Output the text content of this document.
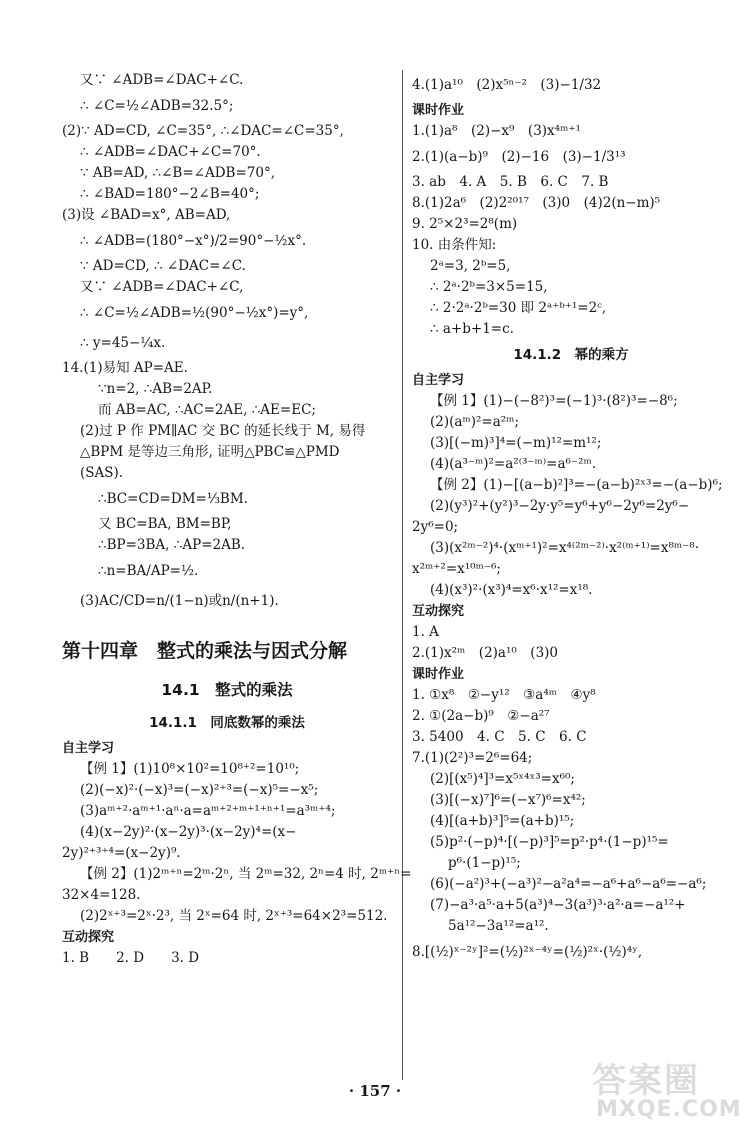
又∵ ∠ADB=∠DAC+∠C.
∴ ∠C=½∠ADB=32.5°;
(2)∵ AD=CD, ∠C=35°, ∴∠DAC=∠C=35°,
∴ ∠ADB=∠DAC+∠C=70°.
∵ AB=AD, ∴∠B=∠ADB=70°,
∴ ∠BAD=180°−2∠B=40°;
(3)设 ∠BAD=x°, AB=AD,
∴ ∠ADB=(180°−x°)/2=90°−½x°.
∵ AD=CD, ∴ ∠DAC=∠C.
又∵ ∠ADB=∠DAC+∠C,
∴ ∠C=½∠ADB=½(90°−½x°)=y°,
∴ y=45−¼x.
14.(1)易知 AP=AE.
∵n=2, ∴AB=2AP.
而 AB=AC, ∴AC=2AE, ∴AE=EC;
(2)过 P 作 PM∥AC 交 BC 的延长线于 M, 易得
△BPM 是等边三角形, 证明△PBC≌△PMD
(SAS).
∴BC=CD=DM=⅓BM.
又 BC=BA, BM=BP,
∴BP=3BA, ∴AP=2AB.
∴n=BA/AP=½.
(3)AC/CD=n/(1−n)或n/(n+1).
第十四章　整式的乘法与因式分解
14.1　整式的乘法
14.1.1　同底数幂的乘法
自主学习
【例 1】(1)10⁸×10²=10⁸⁺²=10¹⁰;
(2)(−x)²·(−x)³=(−x)²⁺³=(−x)⁵=−x⁵;
(3)aᵐ⁺²·aᵐ⁺¹·aⁿ·a=aᵐ⁺²⁺ᵐ⁺¹⁺ⁿ⁺¹=a³ᵐ⁺⁴;
(4)(x−2y)²·(x−2y)³·(x−2y)⁴=(x−
2y)²⁺³⁺⁴=(x−2y)⁹.
【例 2】(1)2ᵐ⁺ⁿ=2ᵐ·2ⁿ, 当 2ᵐ=32, 2ⁿ=4 时, 2ᵐ⁺ⁿ=
32×4=128.
(2)2ˣ⁺³=2ˣ·2³, 当 2ˣ=64 时, 2ˣ⁺³=64×2³=512.
互动探究
1. B　　2. D　　3. D
4.(1)a¹⁰　(2)x⁵ⁿ⁻²　(3)−1/32
课时作业
1.(1)a⁸　(2)−x⁹　(3)x⁴ᵐ⁺¹
2.(1)(a−b)⁹　(2)−16　(3)−1/3¹³
3. ab　4. A　5. B　6. C　7. B
8.(1)2a⁶　(2)2²⁰¹⁷　(3)0　(4)2(n−m)⁵
9. 2⁵×2³=2⁸(m)
10. 由条件知:
2ᵃ=3, 2ᵇ=5,
∴ 2ᵃ·2ᵇ=3×5=15,
∴ 2·2ᵃ·2ᵇ=30 即 2ᵃ⁺ᵇ⁺¹=2ᶜ,
∴ a+b+1=c.
14.1.2　幂的乘方
自主学习
【例 1】(1)−(−8²)³=(−1)³·(8²)³=−8⁶;
(2)(aᵐ)²=a²ᵐ;
(3)[(−m)³]⁴=(−m)¹²=m¹²;
(4)(a³⁻ᵐ)²=a²⁽³⁻ᵐ⁾=a⁶⁻²ᵐ.
【例 2】(1)−[(a−b)²]³=−(a−b)²ˣ³=−(a−b)⁶;
(2)(y³)²+(y²)³−2y·y⁵=y⁶+y⁶−2y⁶=2y⁶−
2y⁶=0;
(3)(x²ᵐ⁻²)⁴·(xᵐ⁺¹)²=x⁴⁽²ᵐ⁻²⁾·x²⁽ᵐ⁺¹⁾=x⁸ᵐ⁻⁸·
x²ᵐ⁺²=x¹⁰ᵐ⁻⁶;
(4)(x³)²·(x³)⁴=x⁶·x¹²=x¹⁸.
互动探究
1. A
2.(1)x²ᵐ　(2)a¹⁰　(3)0
课时作业
1. ①x⁸　②−y¹²　③a⁴ᵐ　④y⁸
2. ①(2a−b)⁹　②−a²⁷
3. 5400　4. C　5. C　6. C
7.(1)(2²)³=2⁶=64;
(2)[(x⁵)⁴]³=x⁵ˣ⁴ˣ³=x⁶⁰;
(3)[(−x)⁷]⁶=(−x⁷)⁶=x⁴²;
(4)[(a+b)³]⁵=(a+b)¹⁵;
(5)p²·(−p)⁴·[(−p)³]⁵=p²·p⁴·(1−p)¹⁵=
p⁶·(1−p)¹⁵;
(6)(−a²)³+(−a³)²−a²a⁴=−a⁶+a⁶−a⁶=−a⁶;
(7)−a³·a⁵·a+5(a³)⁴−3(a³)³·a²·a=−a¹²+
5a¹²−3a¹²=a¹².
8.[(½)ˣ⁻²ʸ]²=(½)²ˣ⁻⁴ʸ=(½)²ˣ·(½)⁴ʸ,
· 157 ·	答案圈
MXQE.COM
